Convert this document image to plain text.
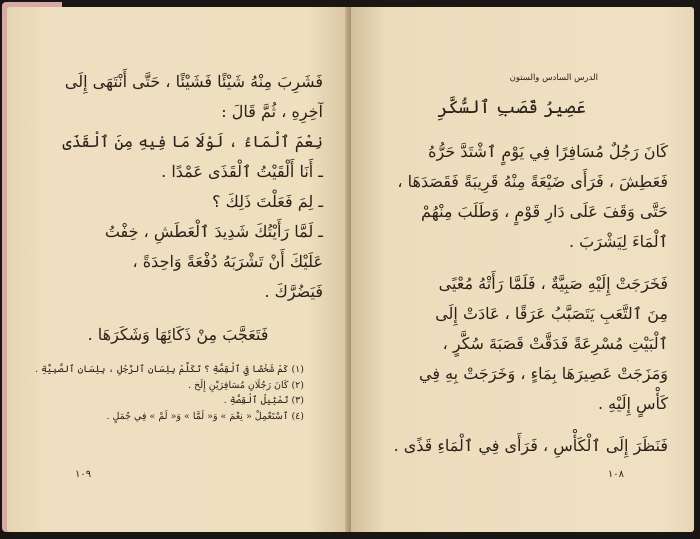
فَشَرِبَ مِنْهُ شَيْئًا فَشَيْئًا ، حَتَّى أَنْتَهَى إِلَى
آخِرِهِ ، ثُمَّ قَالَ :
نِعْمَ ٱلْمَاءُ ، لَوْلَا مَا فِيهِ مِنَ ٱلْقَذَى
ـ أَنَا أَلْقَيْتُ ٱلْقَذَى عَمْدًا .
ـ لِمَ فَعَلْتَ ذَلِكَ ؟
ـ لَمَّا رَأَيْتُكَ شَدِيدَ ٱلْعَطَشِ ، خِفْتُ
عَلَيْكَ أَنْ تَشْرَبَهُ دُفْعَةً وَاحِدَةً ،
فَيَضُرَّكَ .
فَتَعَجَّبَ مِنْ ذَكَائِهَا وَشَكَرَهَا .
(١) كَمْ شَخْصًا فِي ٱلْقِصَّةِ ؟ تَكَلَّمْ بِلِسَانِ ٱلرَّجُلِ ، بِلِسَانِ ٱلصَّبِيَّةِ .
(٢) كَانَ رَجُلَانِ مُسَافِرَيْنِ إِلَخ .
(٣) تَمْثِيلُ ٱلْقِصَّةِ .
(٤) ٱسْتَعْمِلْ « نِعْمَ » وَ« لَمَّا » وَ« لَمْ » فِي جُمَلٍ .
١٠٩
الدرس السادس والستون
عَصِيرُ قَصَبِ ٱلسُّكَّرِ
كَانَ رَجُلٌ مُسَافِرًا فِي يَوْمٍ ٱشْتَدَّ حَرُّهُ
فَعَطِشَ ، فَرَأَى ضَيْعَةً مِنْهُ قَرِيبَةً فَقَصَدَهَا ،
حَتَّى وَقَفَ عَلَى دَارِ قَوْمٍ ، وَطَلَبَ مِنْهُمْ
ٱلْمَاءَ لِيَشْرَبَ .
فَخَرَجَتْ إِلَيْهِ صَبِيَّةٌ ، فَلَمَّا رَأَتْهُ مُعْيًى
مِنَ ٱلتَّعَبِ يَتَصَبَّبُ عَرَقًا ، عَادَتْ إِلَى
ٱلْبَيْتِ مُسْرِعَةً فَدَقَّتْ قَصَبَةَ سُكَّرٍ ،
وَمَزَجَتْ عَصِيرَهَا بِمَاءٍ ، وَخَرَجَتْ بِهِ فِي
كَأْسٍ إِلَيْهِ .
فَنَظَرَ إِلَى ٱلْكَأْسِ ، فَرَأَى فِي ٱلْمَاءِ قَذًى .
١٠٨
